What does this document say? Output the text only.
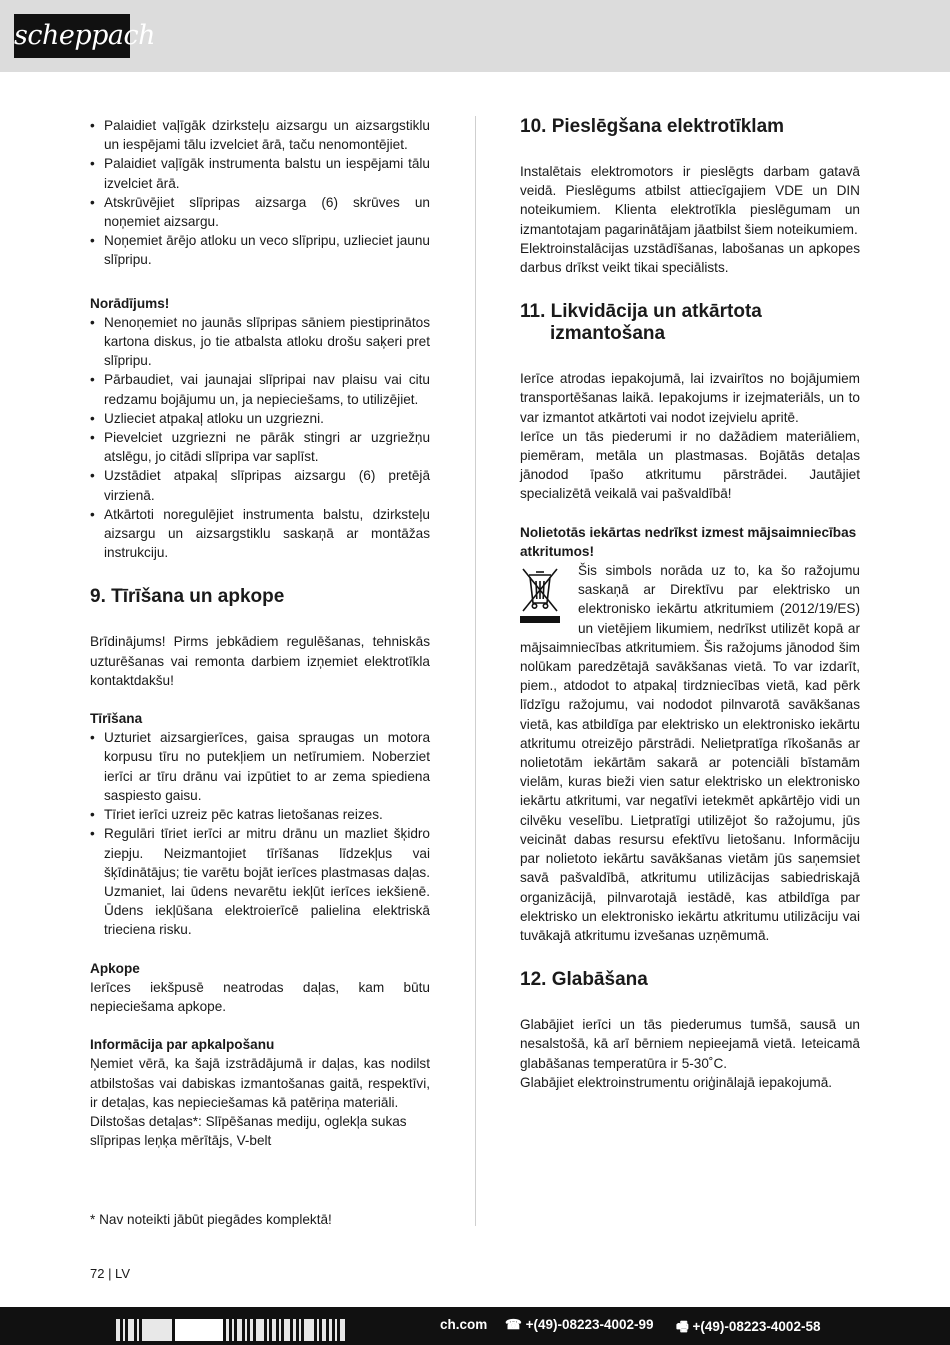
scheppach
• Palaidiet vaļīgāk dzirksteļu aizsargu un aizsargstiklu un iespējami tālu izvelciet ārā, taču nenomontējiet.
• Palaidiet vaļīgāk instrumenta balstu un iespējami tālu izvelciet ārā.
• Atskrūvējiet slīpripas aizsarga (6) skrūves un noņemiet aizsargu.
• Noņemiet ārējo atloku un veco slīpripu, uzlieciet jaunu slīpripu.
Norādījums!
• Nenoņemiet no jaunās slīpripas sāniem piestiprinātos kartona diskus, jo tie atbalsta atloku drošu saķeri pret slīpripu.
• Pārbaudiet, vai jaunajai slīpripai nav plaisu vai citu redzamu bojājumu un, ja nepieciešams, to utilizējiet.
• Uzlieciet atpakaļ atloku un uzgriezni.
• Pievelciet uzgriezni ne pārāk stingri ar uzgriežņu atslēgu, jo citādi slīpripa var saplīst.
• Uzstādiet atpakaļ slīpripas aizsargu (6) pretējā virzienā.
• Atkārtoti noregulējiet instrumenta balstu, dzirksteļu aizsargu un aizsargstiklu saskaņā ar montāžas instrukciju.
9. Tīrīšana un apkope

Brīdinājums! Pirms jebkādiem regulēšanas, tehniskās uzturēšanas vai remonta darbiem izņemiet elektrotīkla kontaktdakšu!

Tīrīšana
• Uzturiet aizsargierīces, gaisa spraugas un motora korpusu tīru no putekļiem un netīrumiem. Noberziet ierīci ar tīru drānu vai izpūtiet to ar zema spiediena saspiesto gaisu.
• Tīriet ierīci uzreiz pēc katras lietošanas reizes.
• Regulāri tīriet ierīci ar mitru drānu un mazliet šķidro ziepju. Neizmantojiet tīrīšanas līdzekļus vai šķīdinātājus; tie varētu bojāt ierīces plastmasas daļas. Uzmaniet, lai ūdens nevarētu iekļūt ierīces iekšienē. Ūdens iekļūšana elektroierīcē palielina elektriskā trieciena risku.
Apkope

Ierīces iekšpusē neatrodas daļas, kam būtu nepieciešama apkope.

Informācija par apkalpošanu

Ņemiet vērā, ka šajā izstrādājumā ir daļas, kas nodilst atbilstošas vai dabiskas izmantošanas gaitā, respektīvi, ir detaļas, kas nepieciešamas kā patēriņa materiāli.

Dilstošas detaļas*: Slīpēšanas mediju, oglekļa sukas slīpripas leņķa mērītājs, V-belt

10. Pieslēgšana elektrotīklam

Instalētais elektromotors ir pieslēgts darbam gatavā veidā. Pieslēgums atbilst attiecīgajiem VDE un DIN noteikumiem. Klienta elektrotīkla pieslēgumam un izmantotajam pagarinātājam jāatbilst šiem noteikumiem.

Elektroinstalācijas uzstādīšanas, labošanas un apkopes darbus drīkst veikt tikai speciālists.

11. Likvidācija un atkārtota izmantošana

Ierīce atrodas iepakojumā, lai izvairītos no bojājumiem transportēšanas laikā. Iepakojums ir izejmateriāls, un to var izmantot atkārtoti vai nodot izejvielu apritē.

Ierīce un tās piederumi ir no dažādiem materiāliem, piemēram, metāla un plastmasas. Bojātās detaļas jānodod īpašo atkritumu pārstrādei. Jautājiet specializētā veikalā vai pašvaldībā!

Nolietotās iekārtas nedrīkst izmest mājsaimniecības atkritumos!

Šis simbols norāda uz to, ka šo ražojumu saskaņā ar Direktīvu par elektrisko un elektronisko iekārtu atkritumiem (2012/19/ES) un vietējiem likumiem, nedrīkst utilizēt kopā ar mājsaimniecības atkritumiem. Šis ražojums jānodod šim nolūkam paredzētajā savākšanas vietā. To var izdarīt, piem., atdodot to atpakaļ tirdzniecības vietā, kad pērk līdzīgu ražojumu, vai nododot pilnvarotā savākšanas vietā, kas atbildīga par elektrisko un elektronisko iekārtu atkritumu otreizējo pārstrādi. Nelietpratīga rīkošanās ar nolietotām iekārtām sakarā ar potenciāli bīstamām vielām, kuras bieži vien satur elektrisko un elektronisko iekārtu atkritumi, var negatīvi ietekmēt apkārtējo vidi un cilvēku veselību. Lietpratīgi utilizējot šo ražojumu, jūs veicināt dabas resursu efektīvu lietošanu. Informāciju par nolietoto iekārtu savākšanas vietām jūs saņemsiet savā pašvaldībā, atkritumu utilizācijas sabiedriskajā organizācijā, pilnvarotajā iestādē, kas atbildīga par elektrisko un elektronisko iekārtu atkritumu utilizāciju vai tuvākajā atkritumu izvešanas uzņēmumā.

12. Glabāšana

Glabājiet ierīci un tās piederumus tumšā, sausā un nesalstošā, kā arī bērniem nepieejamā vietā. Ieteicamā glabāšanas temperatūra ir 5-30˚C.

Glabājiet elektroinstrumentu oriģinālajā iepakojumā.

* Nav noteikti jābūt piegādes komplektā!
72 | LV
ch.com ☎ +(49)-08223-4002-99 🖷 +(49)-08223-4002-58
